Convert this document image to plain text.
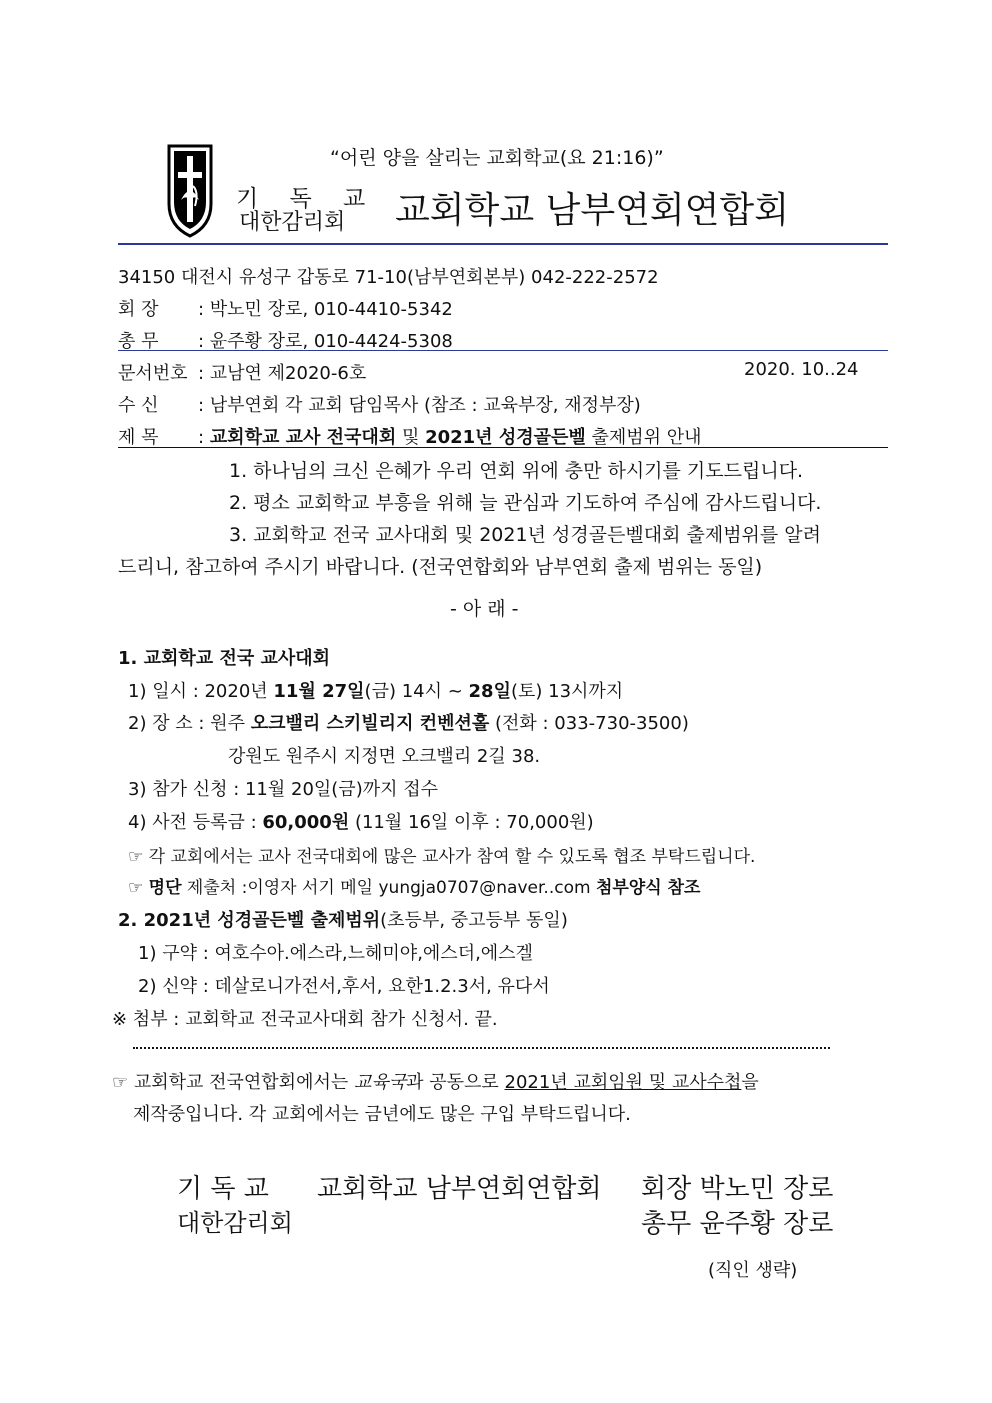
“어린 양을 살리는 교회학교(요 21:16)”
기 독 교
대한감리회 교회학교 남부연회연합회
34150 대전시 유성구 갑동로 71-10(남부연회본부) 042-222-2572
회 장 : 박노민 장로, 010-4410-5342
총 무 : 윤주황 장로, 010-4424-5308
문서번호 : 교남연 제2020-6호	2020. 10..24
수 신 : 남부연회 각 교회 담임목사 (참조 : 교육부장, 재정부장)
제 목 : 교회학교 교사 전국대회 및 2021년 성경골든벨 출제범위 안내
1. 하나님의 크신 은혜가 우리 연회 위에 충만 하시기를 기도드립니다.
2. 평소 교회학교 부흥을 위해 늘 관심과 기도하여 주심에 감사드립니다.
3. 교회학교 전국 교사대회 및 2021년 성경골든벨대회 출제범위를 알려
드리니, 참고하여 주시기 바랍니다. (전국연합회와 남부연회 출제 범위는 동일)
- 아 래 -
1. 교회학교 전국 교사대회
1) 일시 : 2020년 11월 27일(금) 14시 ~ 28일(토) 13시까지
2) 장 소 : 원주 오크밸리 스키빌리지 컨벤션홀 (전화 : 033-730-3500)
강원도 원주시 지정면 오크밸리 2길 38.
3) 참가 신청 : 11월 20일(금)까지 접수
4) 사전 등록금 : 60,000원 (11월 16일 이후 : 70,000원)
☞ 각 교회에서는 교사 전국대회에 많은 교사가 참여 할 수 있도록 협조 부탁드립니다.
☞ 명단 제출처 :이영자 서기 메일 yungja0707@naver..com 첨부양식 참조
2. 2021년 성경골든벨 출제범위(초등부, 중고등부 동일)
1) 구약 : 여호수아.에스라,느헤미야,에스더,에스겔
2) 신약 : 데살로니가전서,후서, 요한1.2.3서, 유다서
※ 첨부 : 교회학교 전국교사대회 참가 신청서. 끝.
☞ 교회학교 전국연합회에서는 교육국과 공동으로 2021년 교회임원 및 교사수첩을
제작중입니다. 각 교회에서는 금년에도 많은 구입 부탁드립니다.
기 독 교 교회학교 남부연회연합회 회장 박노민 장로
대한감리회	총무 윤주황 장로
(직인 생략)
